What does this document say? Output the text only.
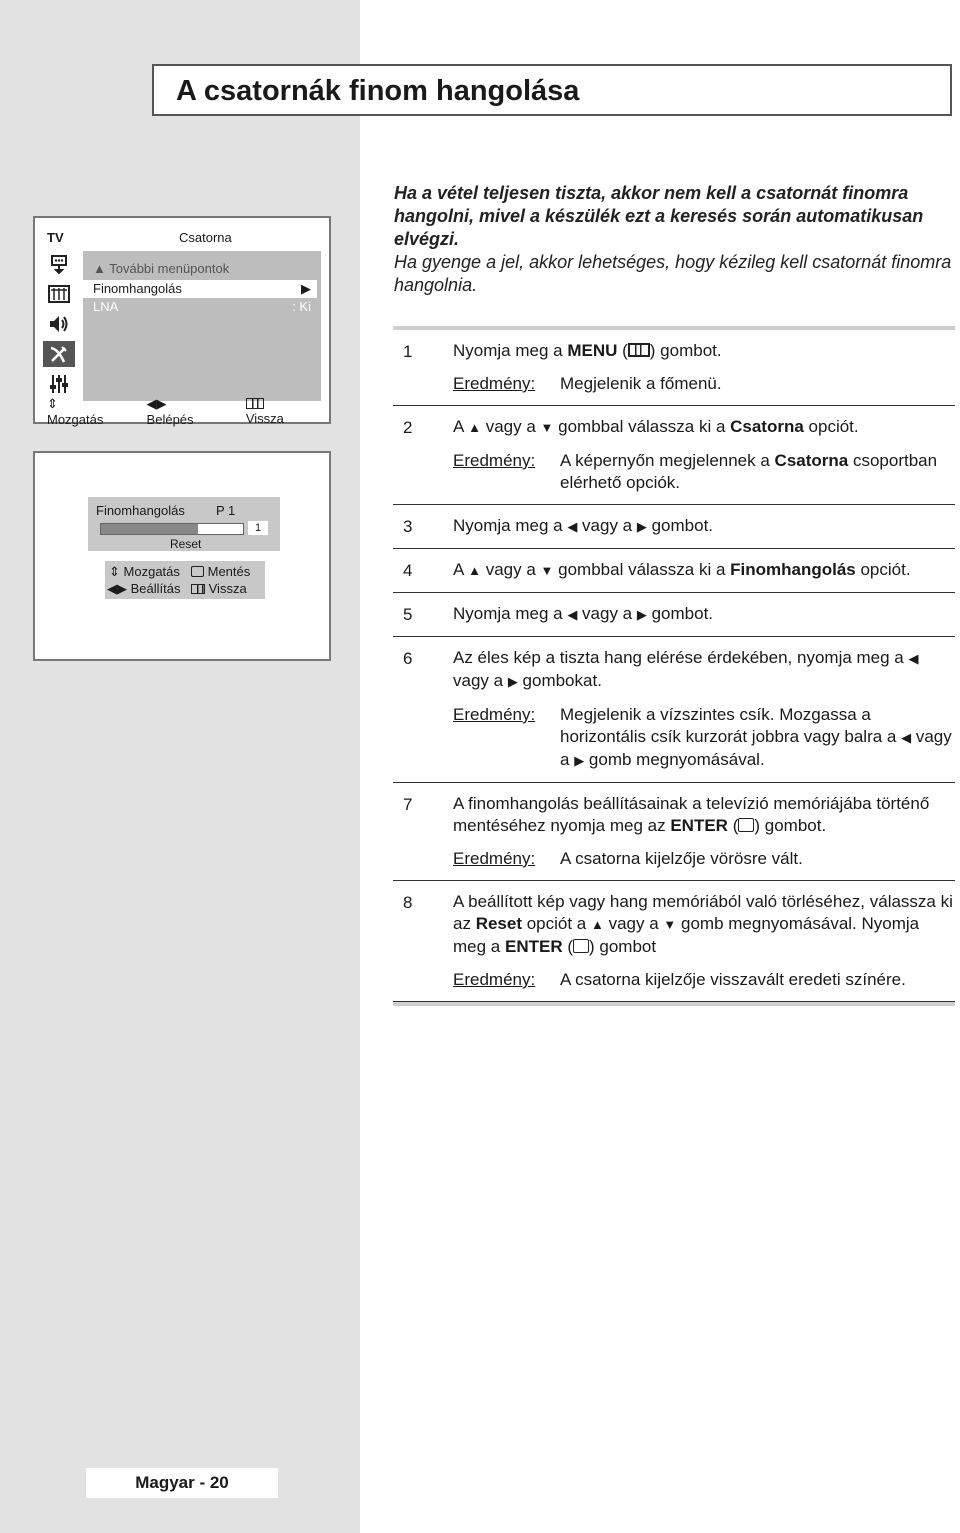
A csatornák finom hangolása
TV	Csatorna
▲ További menüpontok
Finomhangolás	▶
LNA	: Ki
⇕ Mozgatás
◀▶ Belépés	Vissza
Finomhangolás P 1
1
Reset
⇕ Mozgatás	Mentés
◀▶ Beállítás	Vissza

Ha a vétel teljesen tiszta, akkor nem kell a csatornát finomra hangolni, mivel a készülék ezt a keresés során automatikusan elvégzi.

Ha gyenge a jel, akkor lehetséges, hogy kézileg kell csatornát finomra hangolnia.

1	Nyomja meg a MENU ( ) gombot.
Eredmény:	Megjelenik a főmenü.
2	A ▲ vagy a ▼ gombbal válassza ki a Csatorna opciót.
Eredmény:	A képernyőn megjelennek a Csatorna csoportban elérhető opciók.
3	Nyomja meg a ◀ vagy a ▶ gombot.
4	A ▲ vagy a ▼ gombbal válassza ki a Finomhangolás opciót.
5	Nyomja meg a ◀ vagy a ▶ gombot.
6	Az éles kép a tiszta hang elérése érdekében, nyomja meg a ◀ vagy a ▶ gombokat.
Eredmény:	Megjelenik a vízszintes csík. Mozgassa a horizontális csík kurzorát jobbra vagy balra a ◀ vagy a ▶ gomb megnyomásával.
7	A finomhangolás beállításainak a televízió memóriájába történő mentéséhez nyomja meg az ENTER ( ) gombot.
Eredmény:	A csatorna kijelzője vörösre vált.
8	A beállított kép vagy hang memóriából való törléséhez, válassza ki az Reset opciót a ▲ vagy a ▼ gomb megnyomásával. Nyomja meg a ENTER ( ) gombot
Eredmény:	A csatorna kijelzője visszavált eredeti színére.
Magyar - 20
